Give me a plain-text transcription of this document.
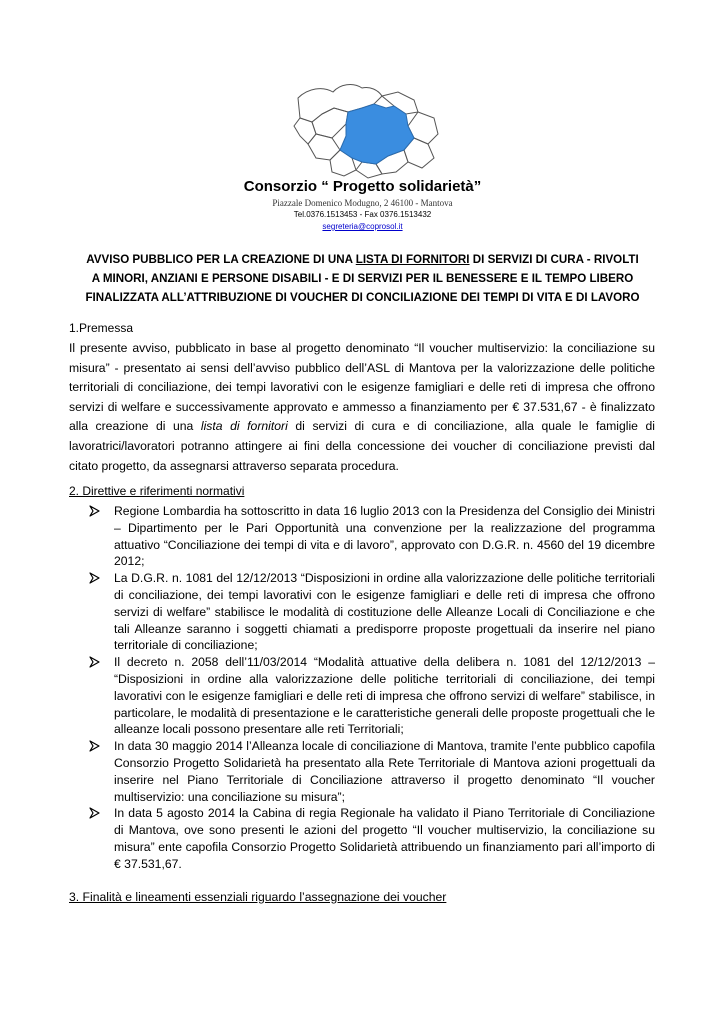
Consorzio “ Progetto solidarietà”
Piazzale Domenico Modugno, 2 46100 - Mantova
Tel.0376.1513453 - Fax 0376.1513432
segreteria@coprosol.it
AVVISO PUBBLICO PER LA CREAZIONE DI UNA LISTA DI FORNITORI DI SERVIZI DI CURA - RIVOLTI
A MINORI, ANZIANI E PERSONE DISABILI - E DI SERVIZI PER IL BENESSERE E IL TEMPO LIBERO
FINALIZZATA ALL’ATTRIBUZIONE DI VOUCHER DI CONCILIAZIONE DEI TEMPI DI VITA E DI LAVORO
1.Premessa
Il presente avviso, pubblicato in base al progetto denominato “Il voucher multiservizio: la conciliazione su
misura” - presentato ai sensi dell’avviso pubblico dell’ASL di Mantova per la valorizzazione delle politiche
territoriali di conciliazione, dei tempi lavorativi con le esigenze famigliari e delle reti di impresa che offrono
servizi di welfare e successivamente approvato e ammesso a finanziamento per € 37.531,67 - è finalizzato
alla creazione di una lista di fornitori di servizi di cura e di conciliazione, alla quale le famiglie di
lavoratrici/lavoratori potranno attingere ai fini della concessione dei voucher di conciliazione previsti dal
citato progetto, da assegnarsi attraverso separata procedura.
2. Direttive e riferimenti normativi
Regione Lombardia ha sottoscritto in data 16 luglio 2013 con la Presidenza del Consiglio dei Ministri – Dipartimento per le Pari Opportunità una convenzione per la realizzazione del programma attuativo “Conciliazione dei tempi di vita e di lavoro”, approvato con D.G.R. n. 4560 del 19 dicembre 2012;
La D.G.R. n. 1081 del 12/12/2013 “Disposizioni in ordine alla valorizzazione delle politiche territoriali di conciliazione, dei tempi lavorativi con le esigenze famigliari e delle reti di impresa che offrono servizi di welfare” stabilisce le modalità di costituzione delle Alleanze Locali di Conciliazione e che tali Alleanze saranno i soggetti chiamati a predisporre proposte progettuali da inserire nel piano territoriale di conciliazione;
Il decreto n. 2058 dell’11/03/2014 “Modalità attuative della delibera n. 1081 del 12/12/2013 – “Disposizioni in ordine alla valorizzazione delle politiche territoriali di conciliazione, dei tempi lavorativi con le esigenze famigliari e delle reti di impresa che offrono servizi di welfare” stabilisce, in particolare, le modalità di presentazione e le caratteristiche generali delle proposte progettuali che le alleanze locali possono presentare alle reti Territoriali;
In data 30 maggio 2014 l’Alleanza locale di conciliazione di Mantova, tramite l’ente pubblico capofila Consorzio Progetto Solidarietà ha presentato alla Rete Territoriale di Mantova azioni progettuali da inserire nel Piano Territoriale di Conciliazione attraverso il progetto denominato “Il voucher multiservizio: una conciliazione su misura”;
In data 5 agosto 2014 la Cabina di regia Regionale ha validato il Piano Territoriale di Conciliazione di Mantova, ove sono presenti le azioni del progetto “Il voucher multiservizio, la conciliazione su misura” ente capofila Consorzio Progetto Solidarietà attribuendo un finanziamento pari all’importo di € 37.531,67.
3. Finalità e lineamenti essenziali riguardo l’assegnazione dei voucher
